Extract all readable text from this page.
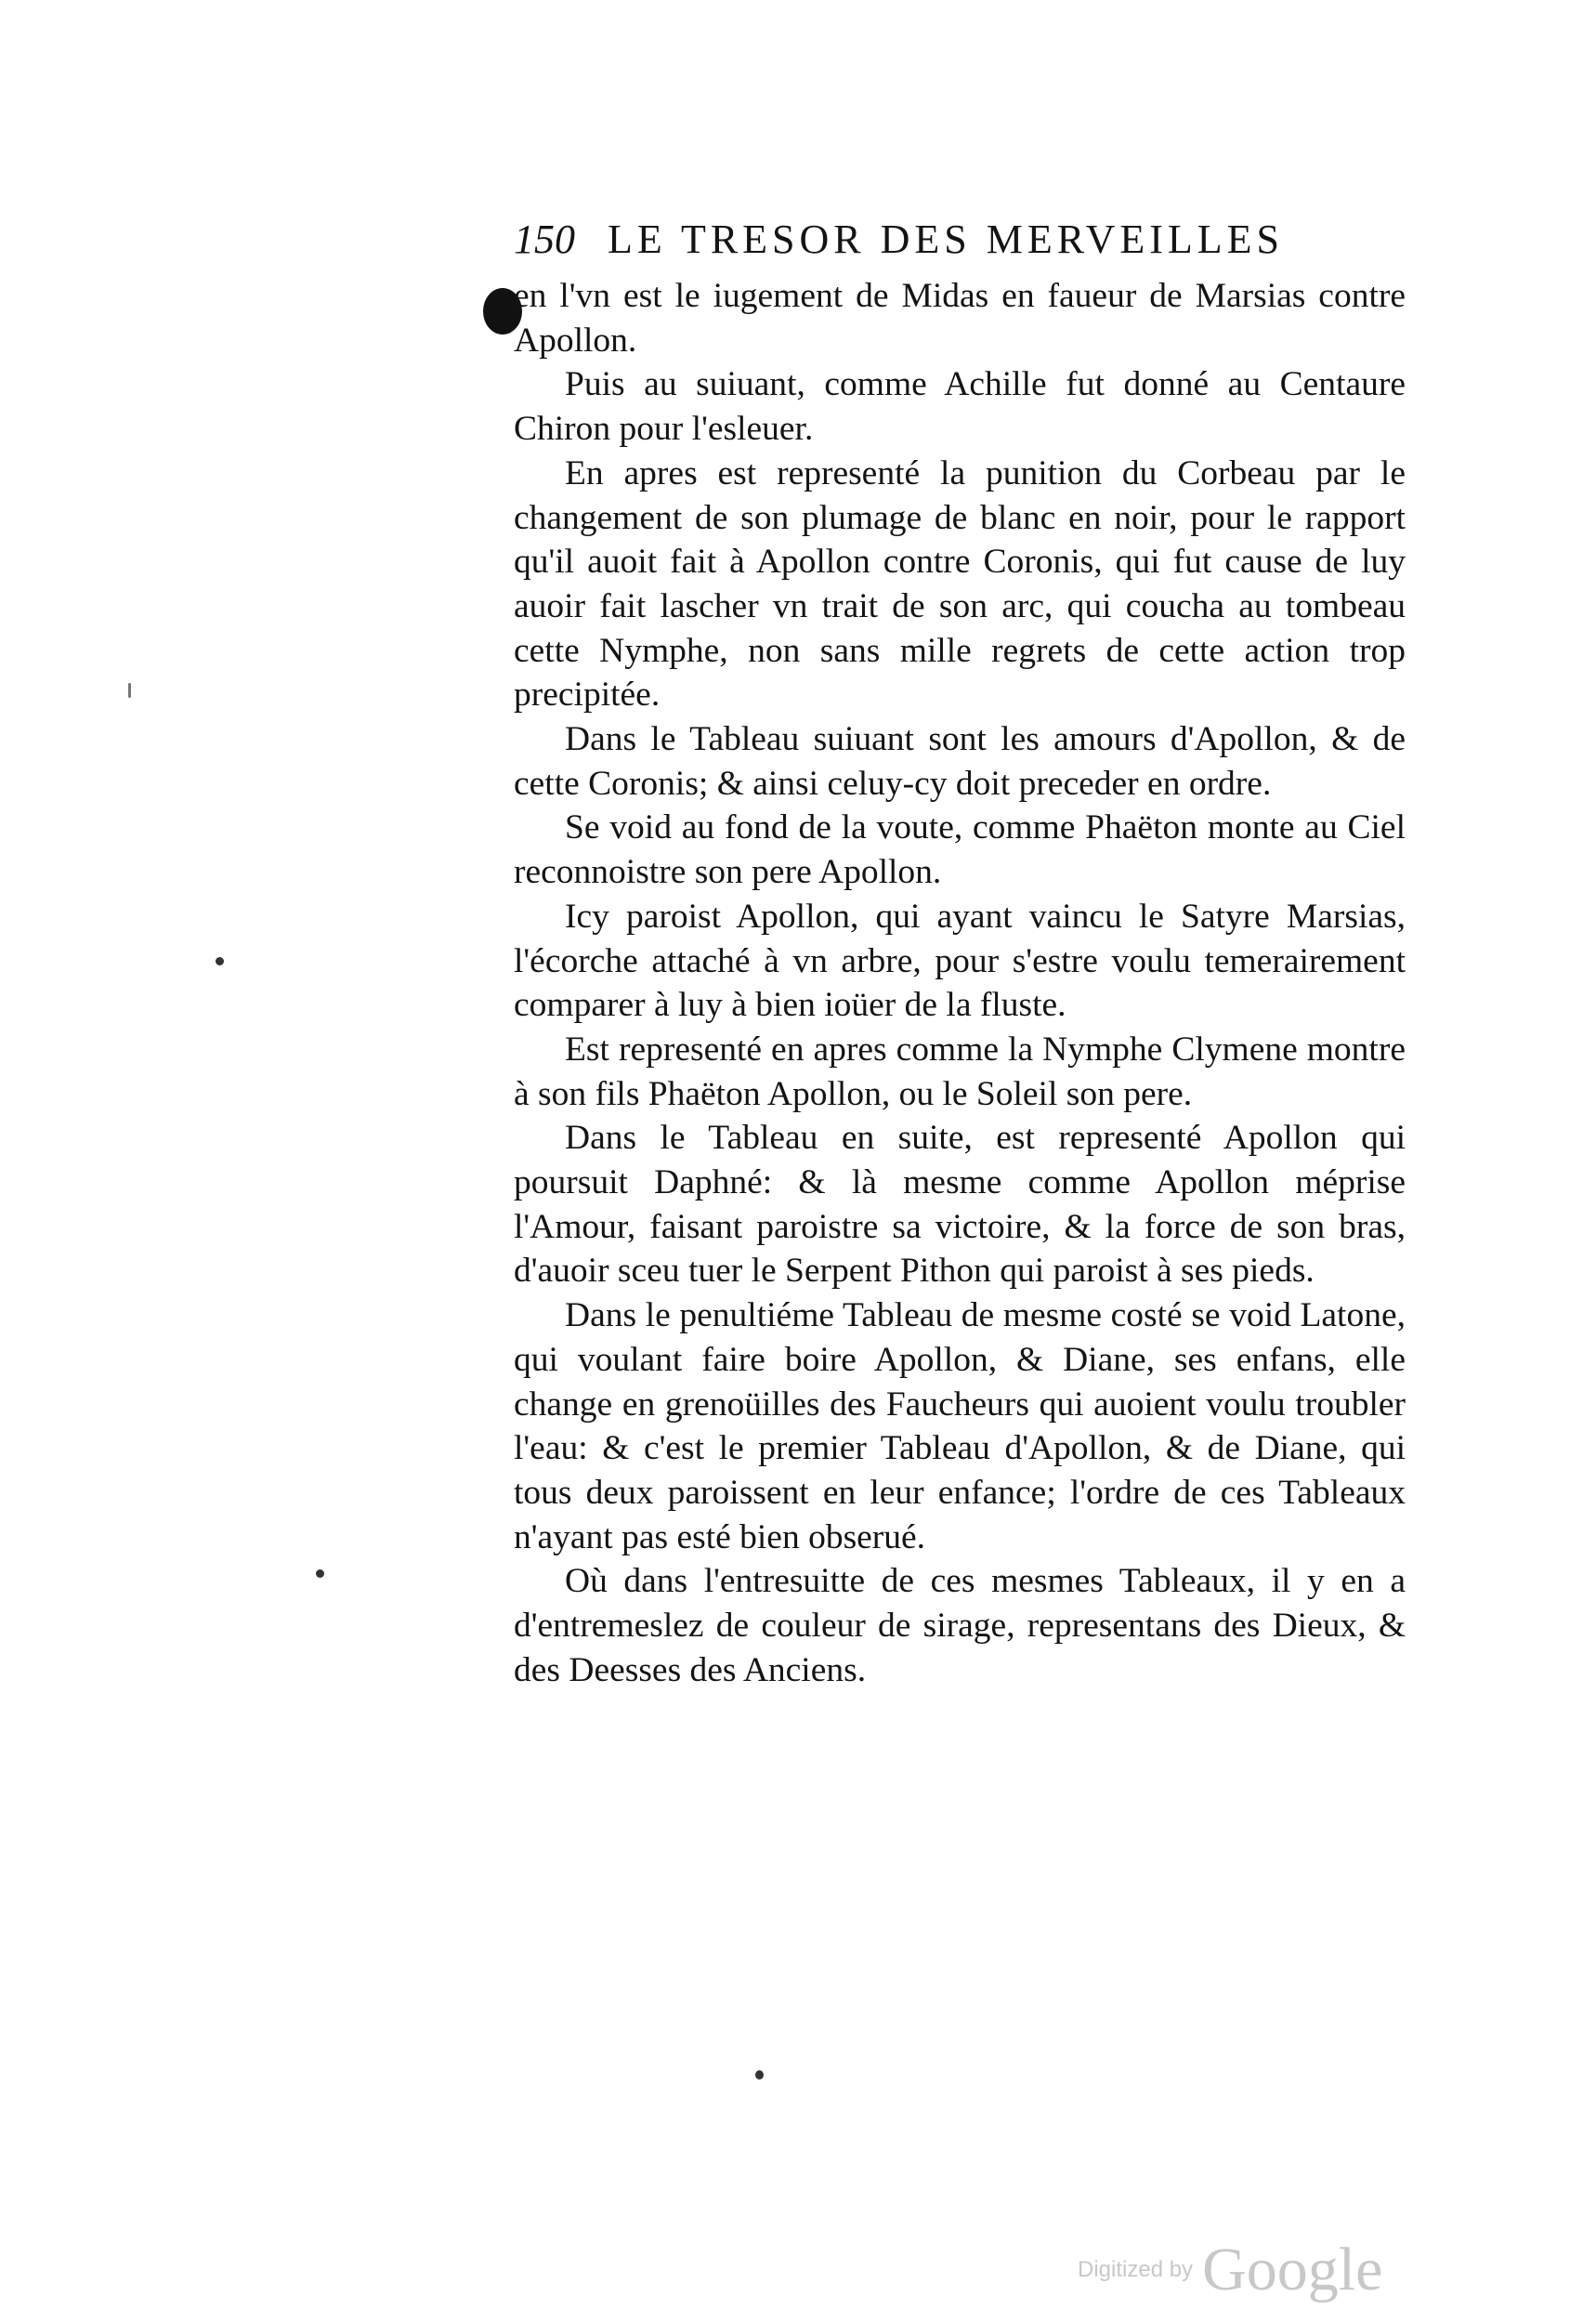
150 LE TRESOR DES MERVEILLES

en l'vn est le iugement de Midas en faueur de Marsias contre Apollon.

Puis au suiuant, comme Achille fut donné au Centaure Chiron pour l'esleuer.

En apres est representé la punition du Corbeau par le changement de son plumage de blanc en noir, pour le rapport qu'il auoit fait à Apollon contre Coronis, qui fut cause de luy auoir fait lascher vn trait de son arc, qui coucha au tombeau cette Nymphe, non sans mille regrets de cette action trop precipitée.

Dans le Tableau suiuant sont les amours d'Apollon, & de cette Coronis; & ainsi celuy-cy doit preceder en ordre.

Se void au fond de la voute, comme Phaëton monte au Ciel reconnoistre son pere Apollon.

Icy paroist Apollon, qui ayant vaincu le Satyre Marsias, l'écorche attaché à vn arbre, pour s'estre voulu temerairement comparer à luy à bien ioüer de la fluste.

Est representé en apres comme la Nymphe Clymene montre à son fils Phaëton Apollon, ou le Soleil son pere.

Dans le Tableau en suite, est representé Apollon qui poursuit Daphné: & là mesme comme Apollon méprise l'Amour, faisant paroistre sa victoire, & la force de son bras, d'auoir sceu tuer le Serpent Pithon qui paroist à ses pieds.

Dans le penultiéme Tableau de mesme costé se void Latone, qui voulant faire boire Apollon, & Diane, ses enfans, elle change en grenoüilles des Faucheurs qui auoient voulu troubler l'eau: & c'est le premier Tableau d'Apollon, & de Diane, qui tous deux paroissent en leur enfance; l'ordre de ces Tableaux n'ayant pas esté bien obserué.

Où dans l'entresuitte de ces mesmes Tableaux, il y en a d'entremeslez de couleur de sirage, representans des Dieux, & des Deesses des Anciens.

Digitized by Google
